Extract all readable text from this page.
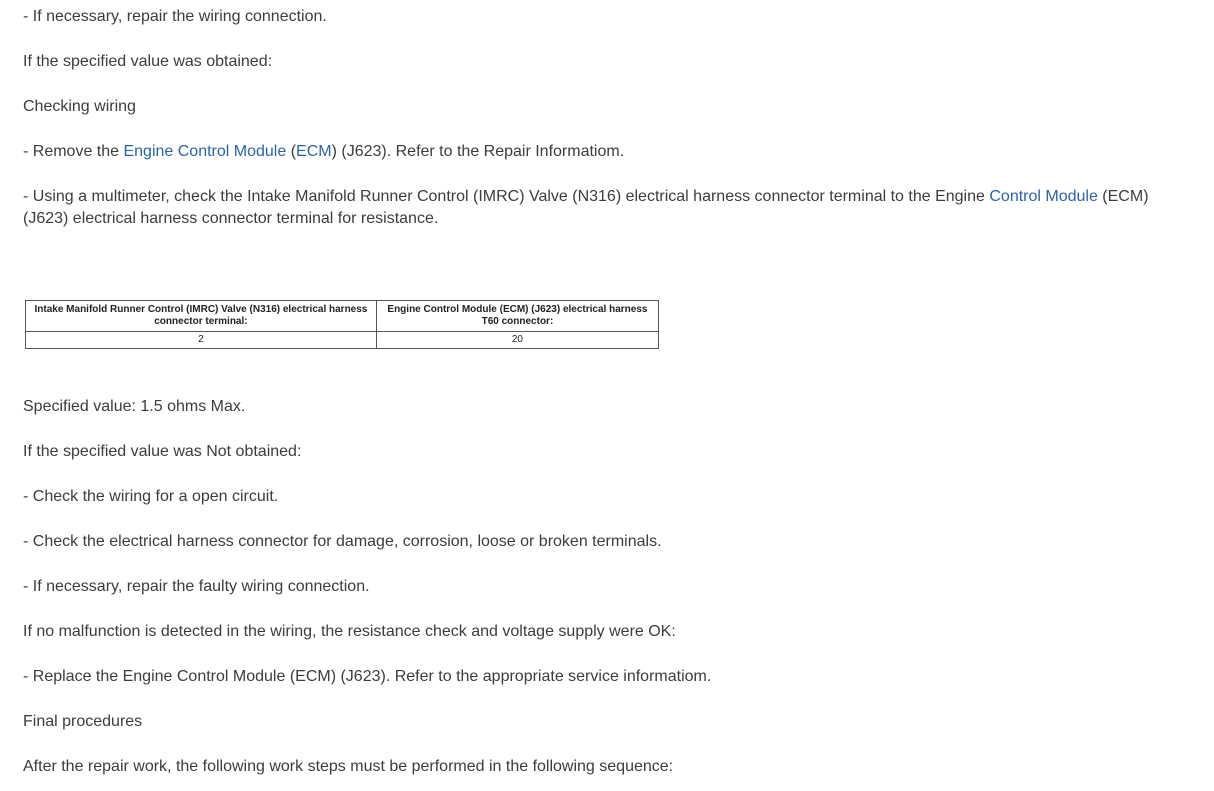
- If necessary, repair the wiring connection.

If the specified value was obtained:

Checking wiring

- Remove the Engine Control Module (ECM) (J623). Refer to the Repair Informatiom.

- Using a multimeter, check the Intake Manifold Runner Control (IMRC) Valve (N316) electrical harness connector terminal to the Engine Control Module (ECM) (J623) electrical harness connector terminal for resistance.

Intake Manifold Runner Control (IMRC) Valve (N316) electrical harness connector terminal:	Engine Control Module (ECM) (J623) electrical harness T60 connector:
2	20

Specified value: 1.5 ohms Max.

If the specified value was Not obtained:

- Check the wiring for a open circuit.

- Check the electrical harness connector for damage, corrosion, loose or broken terminals.

- If necessary, repair the faulty wiring connection.

If no malfunction is detected in the wiring, the resistance check and voltage supply were OK:

- Replace the Engine Control Module (ECM) (J623). Refer to the appropriate service informatiom.

Final procedures

After the repair work, the following work steps must be performed in the following sequence:
